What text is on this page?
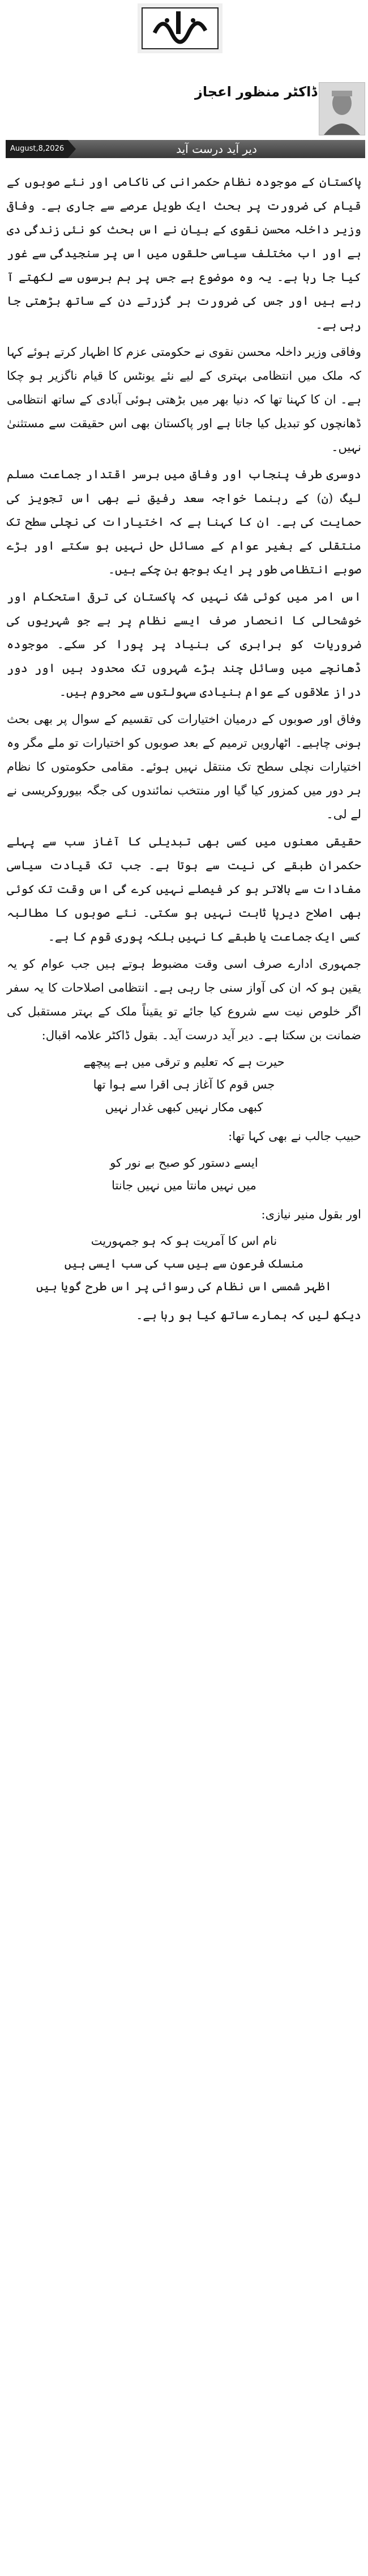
ڈاکٹر منظور اعجاز
August,8,2026	دیر آید درست آید

پاکستان کے موجودہ نظام حکمرانی کی ناکامی اور نئے صوبوں کے قیام کی ضرورت پر بحث ایک طویل عرصے سے جاری ہے۔ وفاقی وزیر داخلہ محسن نقوی کے بیان نے اس بحث کو نئی زندگی دی ہے اور اب مختلف سیاسی حلقوں میں اس پر سنجیدگی سے غور کیا جا رہا ہے۔ یہ وہ موضوع ہے جس پر ہم برسوں سے لکھتے آ رہے ہیں اور جس کی ضرورت ہر گزرتے دن کے ساتھ بڑھتی جا رہی ہے۔

وفاقی وزیر داخلہ محسن نقوی نے حکومتی عزم کا اظہار کرتے ہوئے کہا کہ ملک میں انتظامی بہتری کے لیے نئے یونٹس کا قیام ناگزیر ہو چکا ہے۔ ان کا کہنا تھا کہ دنیا بھر میں بڑھتی ہوئی آبادی کے ساتھ انتظامی ڈھانچوں کو تبدیل کیا جاتا ہے اور پاکستان بھی اس حقیقت سے مستثنیٰ نہیں۔

دوسری طرف پنجاب اور وفاق میں برسر اقتدار جماعت مسلم لیگ (ن) کے رہنما خواجہ سعد رفیق نے بھی اس تجویز کی حمایت کی ہے۔ ان کا کہنا ہے کہ اختیارات کی نچلی سطح تک منتقلی کے بغیر عوام کے مسائل حل نہیں ہو سکتے اور بڑے صوبے انتظامی طور پر ایک بوجھ بن چکے ہیں۔

اس امر میں کوئی شک نہیں کہ پاکستان کی ترقی استحکام اور خوشحالی کا انحصار صرف ایسے نظام پر ہے جو شہریوں کی ضروریات کو برابری کی بنیاد پر پورا کر سکے۔ موجودہ ڈھانچے میں وسائل چند بڑے شہروں تک محدود ہیں اور دور دراز علاقوں کے عوام بنیادی سہولتوں سے محروم ہیں۔

وفاق اور صوبوں کے درمیان اختیارات کی تقسیم کے سوال پر بھی بحث ہونی چاہیے۔ اٹھارویں ترمیم کے بعد صوبوں کو اختیارات تو ملے مگر وہ اختیارات نچلی سطح تک منتقل نہیں ہوئے۔ مقامی حکومتوں کا نظام ہر دور میں کمزور کیا گیا اور منتخب نمائندوں کی جگہ بیوروکریسی نے لے لی۔

حقیقی معنوں میں کسی بھی تبدیلی کا آغاز سب سے پہلے حکمران طبقے کی نیت سے ہوتا ہے۔ جب تک قیادت سیاسی مفادات سے بالاتر ہو کر فیصلے نہیں کرے گی اس وقت تک کوئی بھی اصلاح دیرپا ثابت نہیں ہو سکتی۔ نئے صوبوں کا مطالبہ کسی ایک جماعت یا طبقے کا نہیں بلکہ پوری قوم کا ہے۔

جمہوری ادارے صرف اسی وقت مضبوط ہوتے ہیں جب عوام کو یہ یقین ہو کہ ان کی آواز سنی جا رہی ہے۔ انتظامی اصلاحات کا یہ سفر اگر خلوص نیت سے شروع کیا جائے تو یقیناً ملک کے بہتر مستقبل کی ضمانت بن سکتا ہے۔ دیر آید درست آید۔ بقول ڈاکٹر علامہ اقبال:

حیرت ہے کہ تعلیم و ترقی میں ہے پیچھے
جس قوم کا آغاز ہی اقرا سے ہوا تھا
کبھی مکار نہیں کبھی غدار نہیں

حبیب جالب نے بھی کہا تھا:

ایسے دستور کو صبح بے نور کو
میں نہیں مانتا میں نہیں جانتا

اور بقول منیر نیازی:

نام اس کا آمریت ہو کہ ہو جمہوریت
منسلک فرعون سے ہیں سب کی سب ایسی ہیں
اظہر شمسی اس نظام کی رسوائی پر اس طرح گویا ہیں

دیکھ لیں کہ ہمارے ساتھ کیا ہو رہا ہے۔
